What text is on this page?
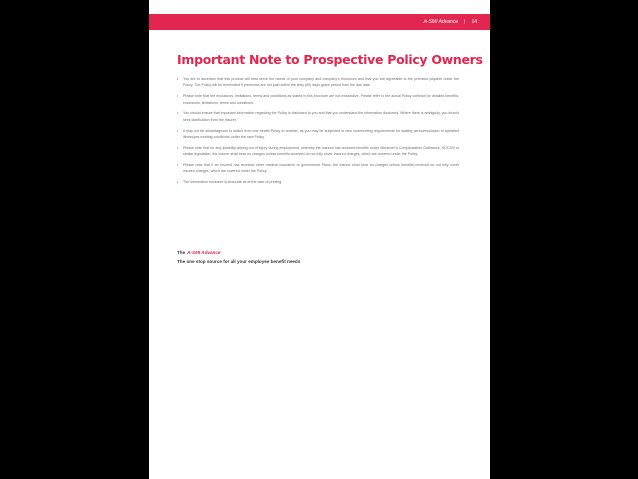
A-SMI Advance | 14
Important Note to Prospective Policy Owners
• You are to ascertain that this product will best serve the needs of your company and company's resources and that you are agreeable to the premium payable under the Policy. The Policy will be terminated if premiums are not paid within the sixty (60) days grace period from the due date.
• Please note that the exclusions, limitations, terms and conditions as stated in this brochure are not exhaustive. Please refer to the actual Policy contract for detailed benefits, exclusions, limitations, terms and conditions.
• You should ensure that important information regarding the Policy is disclosed to you and that you understand the information disclosed. Where there is ambiguity, you should seek clarification from the Insurer.
• It may not be advantageous to switch from one health Policy to another, as you may be subjected to new underwriting requirements for waiting period/exclusion of specified illness/pre-existing conditions under the new Policy.
• Please note that for any disability arising out of injury during employment, whereby the Insured has received benefits under Workmen's Compensation Ordinance, SOCSO or similar legislation, the Insurer shall bear no charges unless benefits received do not fully cover Insured charges, which are covered under the Policy.
• Please note that if an Insured has received other medical insurance or government Plans, the Insurer shall bear no charges unless benefits received do not fully cover insured charges, which are covered under the Policy.
• The information enclosed is accurate as at the date of printing.
The A-SMI Advance
The one stop source for all your employee benefit needs
